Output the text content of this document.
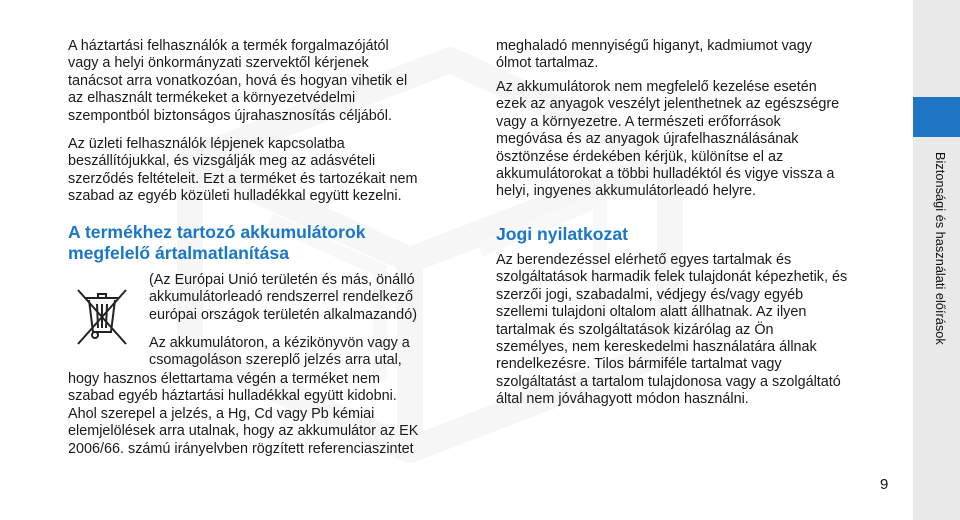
A háztartási felhasználók a termék forgalmazójától

vagy a helyi önkormányzati szervektől kérjenek

tanácsot arra vonatkozóan, hová és hogyan vihetik el

az elhasznált termékeket a környezetvédelmi

szempontból biztonságos újrahasznosítás céljából.

Az üzleti felhasználók lépjenek kapcsolatba

beszállítójukkal, és vizsgálják meg az adásvételi

szerződés feltételeit. Ezt a terméket és tartozékait nem

szabad az egyéb közületi hulladékkal együtt kezelni.

A termékhez tartozó akkumulátorok

megfelelő ártalmatlanítása

(Az Európai Unió területén és más, önálló

akkumulátorleadó rendszerrel rendelkező

európai országok területén alkalmazandó)

Az akkumulátoron, a kézikönyvön vagy a

csomagoláson szereplő jelzés arra utal,

hogy hasznos élettartama végén a terméket nem

szabad egyéb háztartási hulladékkal együtt kidobni.

Ahol szerepel a jelzés, a Hg, Cd vagy Pb kémiai

elemjelölések arra utalnak, hogy az akkumulátor az EK

2006/66. számú irányelvben rögzített referenciaszintet

meghaladó mennyiségű higanyt, kadmiumot vagy

ólmot tartalmaz.

Az akkumulátorok nem megfelelő kezelése esetén

ezek az anyagok veszélyt jelenthetnek az egészségre

vagy a környezetre. A természeti erőforrások

megóvása és az anyagok újrafelhasználásának

ösztönzése érdekében kérjük, különítse el az

akkumulátorokat a többi hulladéktól és vigye vissza a

helyi, ingyenes akkumulátorleadó helyre.

Jogi nyilatkozat

Az berendezéssel elérhető egyes tartalmak és

szolgáltatások harmadik felek tulajdonát képezhetik, és

szerzői jogi, szabadalmi, védjegy és/vagy egyéb

szellemi tulajdoni oltalom alatt állhatnak. Az ilyen

tartalmak és szolgáltatások kizárólag az Ön

személyes, nem kereskedelmi használatára állnak

rendelkezésre. Tilos bármiféle tartalmat vagy

szolgáltatást a tartalom tulajdonosa vagy a szolgáltató

által nem jóváhagyott módon használni.

Biztonsági és használati előírások
9
